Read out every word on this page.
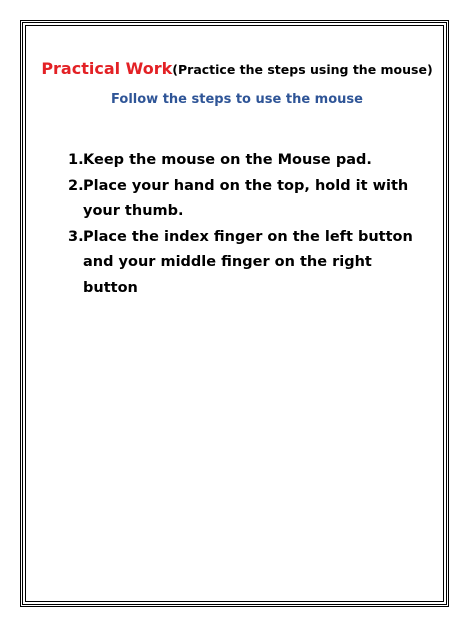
Practical Work(Practice the steps using the mouse)
Follow the steps to use the mouse
1. Keep the mouse on the Mouse pad.
2. Place your hand on the top, hold it with your thumb.
3. Place the index finger on the left button and your middle finger on the right button
